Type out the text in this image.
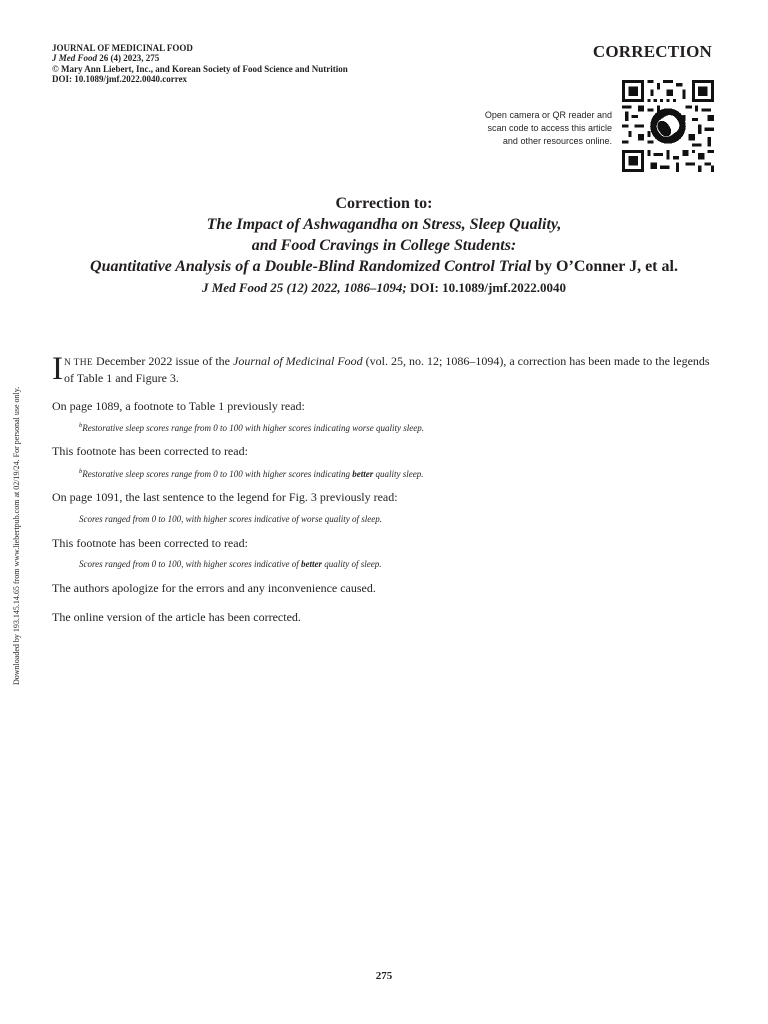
JOURNAL OF MEDICINAL FOOD
J Med Food 26 (4) 2023, 275
© Mary Ann Liebert, Inc., and Korean Society of Food Science and Nutrition
DOI: 10.1089/jmf.2022.0040.correx
CORRECTION
Open camera or QR reader and
scan code to access this article
and other resources online.
Correction to:
The Impact of Ashwagandha on Stress, Sleep Quality,
and Food Cravings in College Students:
Quantitative Analysis of a Double-Blind Randomized Control Trial by O’Conner J, et al.
J Med Food 25 (12) 2022, 1086–1094; DOI: 10.1089/jmf.2022.0040
Downloaded by 193.145.14.65 from www.liebertpub.com at 02/19/24. For personal use only.
I N THE December 2022 issue of the Journal of Medicinal Food (vol. 25, no. 12; 1086–1094), a correction has been made to the legends of Table 1 and Figure 3.
On page 1089, a footnote to Table 1 previously read:
$^b$Restorative sleep scores range from 0 to 100 with higher scores indicating worse quality sleep.
This footnote has been corrected to read:
$^b$Restorative sleep scores range from 0 to 100 with higher scores indicating better quality sleep.
On page 1091, the last sentence to the legend for Fig. 3 previously read:
Scores ranged from 0 to 100, with higher scores indicative of worse quality of sleep.
This footnote has been corrected to read:
Scores ranged from 0 to 100, with higher scores indicative of better quality of sleep.
The authors apologize for the errors and any inconvenience caused.
The online version of the article has been corrected.
275
